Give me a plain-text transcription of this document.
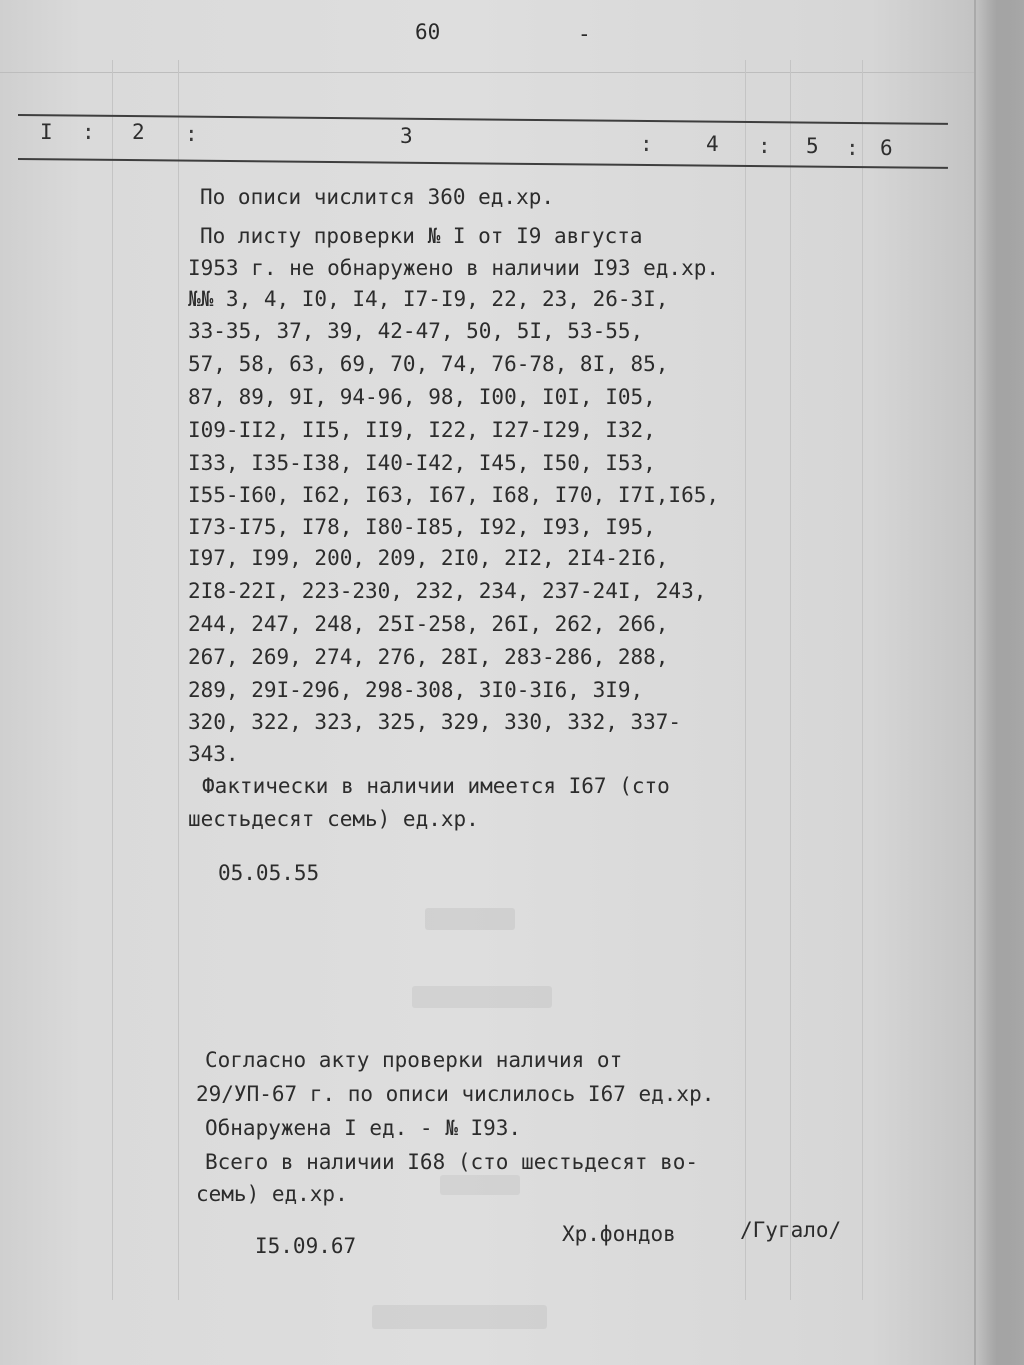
60	-
I : 2 :	3	:	4 : 5 : 6
По описи числится 360 ед.хр.
По листу проверки № I от I9 августа
I953 г. не обнаружено в наличии I93 ед.хр.
№№ 3, 4, I0, I4, I7-I9, 22, 23, 26-3I,
33-35, 37, 39, 42-47, 50, 5I, 53-55,
57, 58, 63, 69, 70, 74, 76-78, 8I, 85,
87, 89, 9I, 94-96, 98, I00, I0I, I05,
I09-II2, II5, II9, I22, I27-I29, I32,
I33, I35-I38, I40-I42, I45, I50, I53,
I55-I60, I62, I63, I67, I68, I70, I7I,I65,
I73-I75, I78, I80-I85, I92, I93, I95,
I97, I99, 200, 209, 2I0, 2I2, 2I4-2I6,
2I8-22I, 223-230, 232, 234, 237-24I, 243,
244, 247, 248, 25I-258, 26I, 262, 266,
267, 269, 274, 276, 28I, 283-286, 288,
289, 29I-296, 298-308, 3I0-3I6, 3I9,
320, 322, 323, 325, 329, 330, 332, 337-
343.
Фактически в наличии имеется I67 (сто
шестьдесят семь) ед.хр.
05.05.55
Согласно акту проверки наличия от
29/УП-67 г. по описи числилось I67 ед.хр.
Обнаружена I ед. - № I93.
Всего в наличии I68 (сто шестьдесят во-
семь) ед.хр.
I5.09.67	Хр.фондов	/Гугало/
